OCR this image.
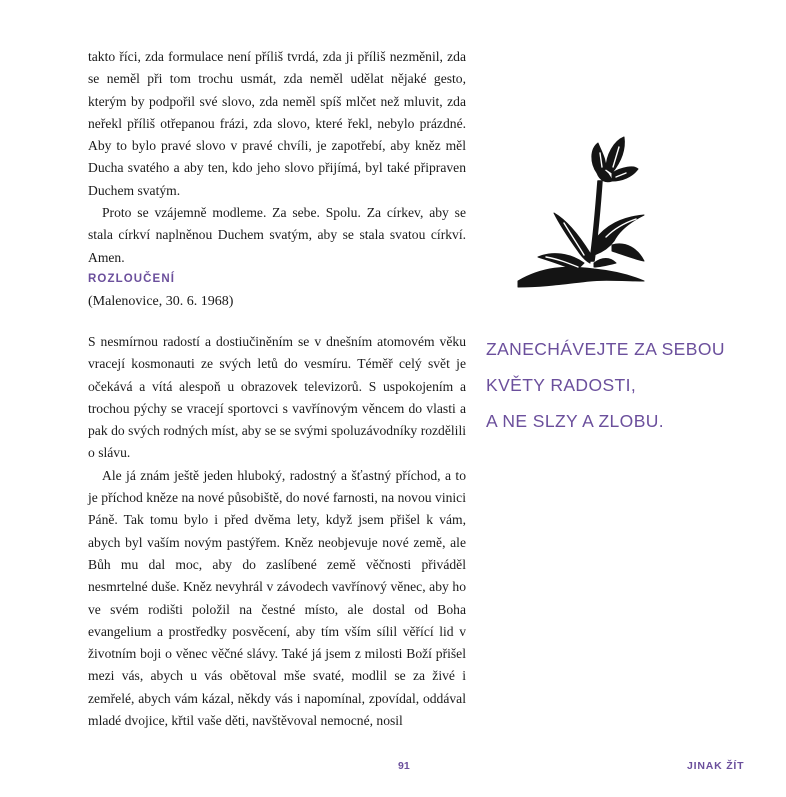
takto říci, zda formulace není příliš tvrdá, zda ji příliš nezměnil, zda se neměl při tom trochu usmát, zda neměl udělat nějaké gesto, kterým by podpořil své slovo, zda neměl spíš mlčet než mluvit, zda neřekl příliš otřepanou frázi, zda slovo, které řekl, nebylo prázdné. Aby to bylo pravé slovo v pravé chvíli, je zapotřebí, aby kněz měl Ducha svatého a aby ten, kdo jeho slovo přijímá, byl také připraven Duchem svatým.

Proto se vzájemně modleme. Za sebe. Spolu. Za církev, aby se stala církví naplněnou Duchem svatým, aby se stala svatou církví. Amen.

ROZLOUČENÍ
(Malenovice, 30. 6. 1968)

S nesmírnou radostí a dostiučiněním se v dnešním atomovém věku vracejí kosmonauti ze svých letů do vesmíru. Téměř celý svět je očekává a vítá alespoň u obrazovek televizorů. S uspokojením a trochou pýchy se vracejí sportovci s vavřínovým věncem do vlasti a pak do svých rodných míst, aby se se svými spoluzávodníky rozdělili o slávu.

Ale já znám ještě jeden hluboký, radostný a šťastný příchod, a to je příchod kněze na nové působiště, do nové farnosti, na novou vinici Páně. Tak tomu bylo i před dvěma lety, když jsem přišel k vám, abych byl vaším novým pastýřem. Kněz neobjevuje nové země, ale Bůh mu dal moc, aby do zaslíbené země věčnosti přiváděl nesmrtelné duše. Kněz nevyhrál v závodech vavřínový věnec, aby ho ve svém rodišti položil na čestné místo, ale dostal od Boha evangelium a prostředky posvěcení, aby tím vším sílil věřící lid v životním boji o věnec věčné slávy. Také já jsem z milosti Boží přišel mezi vás, abych u vás obětoval mše svaté, modlil se za živé i zemřelé, abych vám kázal, někdy vás i napomínal, zpovídal, oddával mladé dvojice, křtil vaše děti, navštěvoval nemocné, nosil

ZANECHÁVEJTE ZA SEBOU
KVĚTY RADOSTI,
A NE SLZY A ZLOBU.
91	JINAK ŽÍT
